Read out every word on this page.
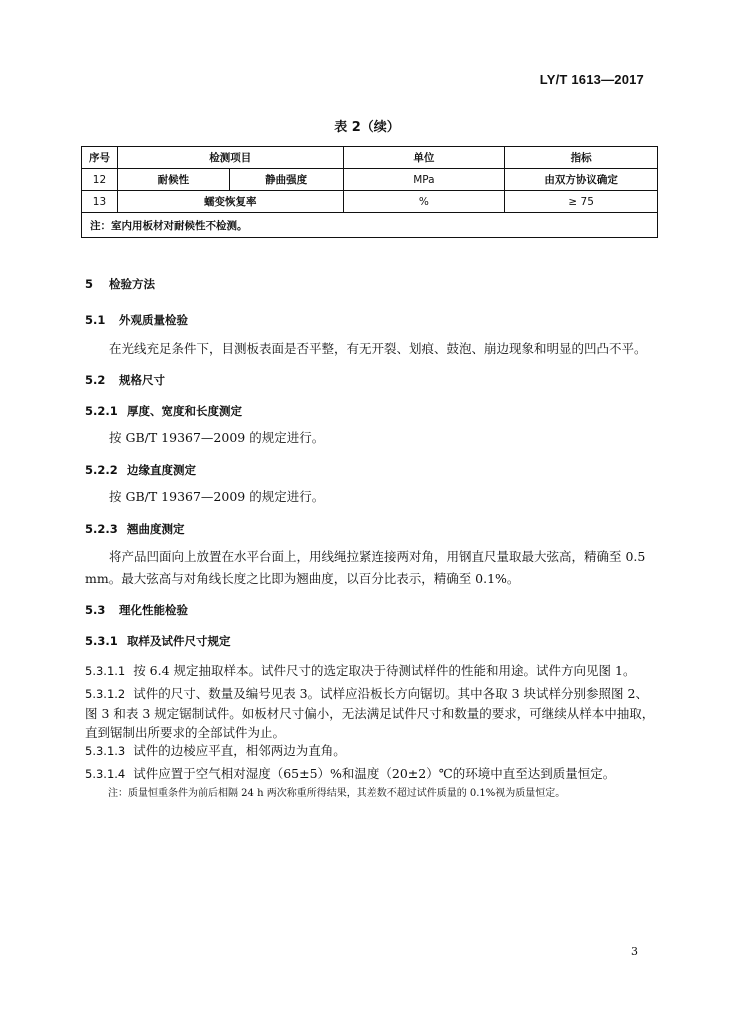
LY/T 1613—2017
表 2（续）
序号	检测项目		单位	指标
12	耐候性	静曲强度	MPa	由双方协议确定
13	蠕变恢复率		%	≥ 75
注：室内用板材对耐候性不检测。				
5 检验方法
5.1 外观质量检验
在光线充足条件下，目测板表面是否平整，有无开裂、划痕、鼓泡、崩边现象和明显的凹凸不平。
5.2 规格尺寸
5.2.1 厚度、宽度和长度测定
按 GB/T 19367—2009 的规定进行。
5.2.2 边缘直度测定
按 GB/T 19367—2009 的规定进行。
5.2.3 翘曲度测定
将产品凹面向上放置在水平台面上，用线绳拉紧连接两对角，用钢直尺量取最大弦高，精确至 0.5 mm。最大弦高与对角线长度之比即为翘曲度，以百分比表示，精确至 0.1%。
5.3 理化性能检验
5.3.1 取样及试件尺寸规定
5.3.1.1 按 6.4 规定抽取样本。试件尺寸的选定取决于待测试样件的性能和用途。试件方向见图 1。
5.3.1.2 试件的尺寸、数量及编号见表 3。试样应沿板长方向锯切。其中各取 3 块试样分别参照图 2、图 3 和表 3 规定锯制试件。如板材尺寸偏小，无法满足试件尺寸和数量的要求，可继续从样本中抽取，直到锯制出所要求的全部试件为止。
5.3.1.3 试件的边棱应平直，相邻两边为直角。
5.3.1.4 试件应置于空气相对湿度（65±5）%和温度（20±2）℃的环境中直至达到质量恒定。
注：质量恒重条件为前后相隔 24 h 两次称重所得结果，其差数不超过试件质量的 0.1%视为质量恒定。
3
